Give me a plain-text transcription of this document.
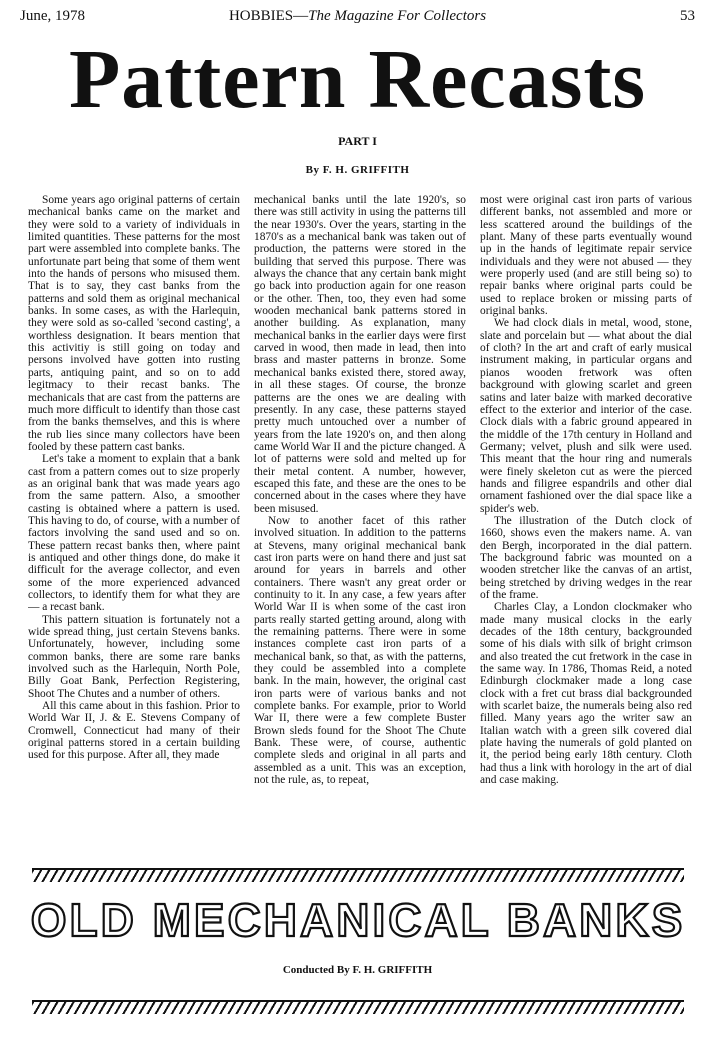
June, 1978	HOBBIES—The Magazine For Collectors	53
Pattern Recasts
PART I
By F. H. GRIFFITH

Some years ago original patterns of certain mechanical banks came on the market and they were sold to a variety of individuals in limited quantities. These patterns for the most part were assembled into complete banks. The unfortunate part being that some of them went into the hands of persons who misused them. That is to say, they cast banks from the patterns and sold them as original mechanical banks. In some cases, as with the Harlequin, they were sold as so-called 'second casting', a worthless designation. It bears mention that this activitiy is still going on today and persons involved have gotten into rusting parts, antiquing paint, and so on to add legitmacy to their recast banks. The mechanicals that are cast from the patterns are much more difficult to identify than those cast from the banks themselves, and this is where the rub lies since many collectors have been fooled by these pattern cast banks.

Let's take a moment to explain that a bank cast from a pattern comes out to size properly as an original bank that was made years ago from the same pattern. Also, a smoother casting is obtained where a pattern is used. This having to do, of course, with a number of factors involving the sand used and so on. These pattern recast banks then, where paint is antiqued and other things done, do make it difficult for the average collector, and even some of the more experienced advanced collectors, to identify them for what they are — a recast bank.

This pattern situation is fortunately not a wide spread thing, just certain Stevens banks. Unfortunately, however, including some common banks, there are some rare banks involved such as the Harlequin, North Pole, Billy Goat Bank, Perfection Registering, Shoot The Chutes and a number of others.

All this came about in this fashion. Prior to World War II, J. & E. Stevens Company of Cromwell, Connecticut had many of their original patterns stored in a certain building used for this purpose. After all, they made

mechanical banks until the late 1920's, so there was still activity in using the patterns till the near 1930's. Over the years, starting in the 1870's as a mechanical bank was taken out of production, the patterns were stored in the building that served this purpose. There was always the chance that any certain bank might go back into production again for one reason or the other. Then, too, they even had some wooden mechanical bank patterns stored in another building. As explanation, many mechanical banks in the earlier days were first carved in wood, then made in lead, then into brass and master patterns in bronze. Some mechanical banks existed there, stored away, in all these stages. Of course, the bronze patterns are the ones we are dealing with presently. In any case, these patterns stayed pretty much untouched over a number of years from the late 1920's on, and then along came World War II and the picture changed. A lot of patterns were sold and melted up for their metal content. A number, however, escaped this fate, and these are the ones to be concerned about in the cases where they have been misused.

Now to another facet of this rather involved situation. In addition to the patterns at Stevens, many original mechanical bank cast iron parts were on hand there and just sat around for years in barrels and other containers. There wasn't any great order or continuity to it. In any case, a few years after World War II is when some of the cast iron parts really started getting around, along with the remaining patterns. There were in some instances complete cast iron parts of a mechanical bank, so that, as with the patterns, they could be assembled into a complete bank. In the main, however, the original cast iron parts were of various banks and not complete banks. For example, prior to World War II, there were a few complete Buster Brown sleds found for the Shoot The Chute Bank. These were, of course, authentic complete sleds and original in all parts and assembled as a unit. This was an exception, not the rule, as, to repeat,

most were original cast iron parts of various different banks, not assembled and more or less scattered around the buildings of the plant. Many of these parts eventually wound up in the hands of legitimate repair service individuals and they were not abused — they were properly used (and are still being so) to repair banks where original parts could be used to replace broken or missing parts of original banks.

We had clock dials in metal, wood, stone, slate and porcelain but — what about the dial of cloth? In the art and craft of early musical instrument making, in particular organs and pianos wooden fretwork was often background with glowing scarlet and green satins and later baize with marked decorative effect to the exterior and interior of the case. Clock dials with a fabric ground appeared in the middle of the 17th century in Holland and Germany; velvet, plush and silk were used. This meant that the hour ring and numerals were finely skeleton cut as were the pierced hands and filigree espandrils and other dial ornament fashioned over the dial space like a spider's web.

The illustration of the Dutch clock of 1660, shows even the makers name. A. van den Bergh, incorporated in the dial pattern. The background fabric was mounted on a wooden stretcher like the canvas of an artist, being stretched by driving wedges in the rear of the frame.

Charles Clay, a London clockmaker who made many musical clocks in the early decades of the 18th century, backgrounded some of his dials with silk of bright crimson and also treated the cut fretwork in the case in the same way. In 1786, Thomas Reid, a noted Edinburgh clockmaker made a long case clock with a fret cut brass dial backgrounded with scarlet baize, the numerals being also red filled. Many years ago the writer saw an Italian watch with a green silk covered dial plate having the numerals of gold planted on it, the period being early 18th century. Cloth had thus a link with horology in the art of dial and case making.

OLD MECHANICAL BANKS
Conducted By F. H. GRIFFITH
